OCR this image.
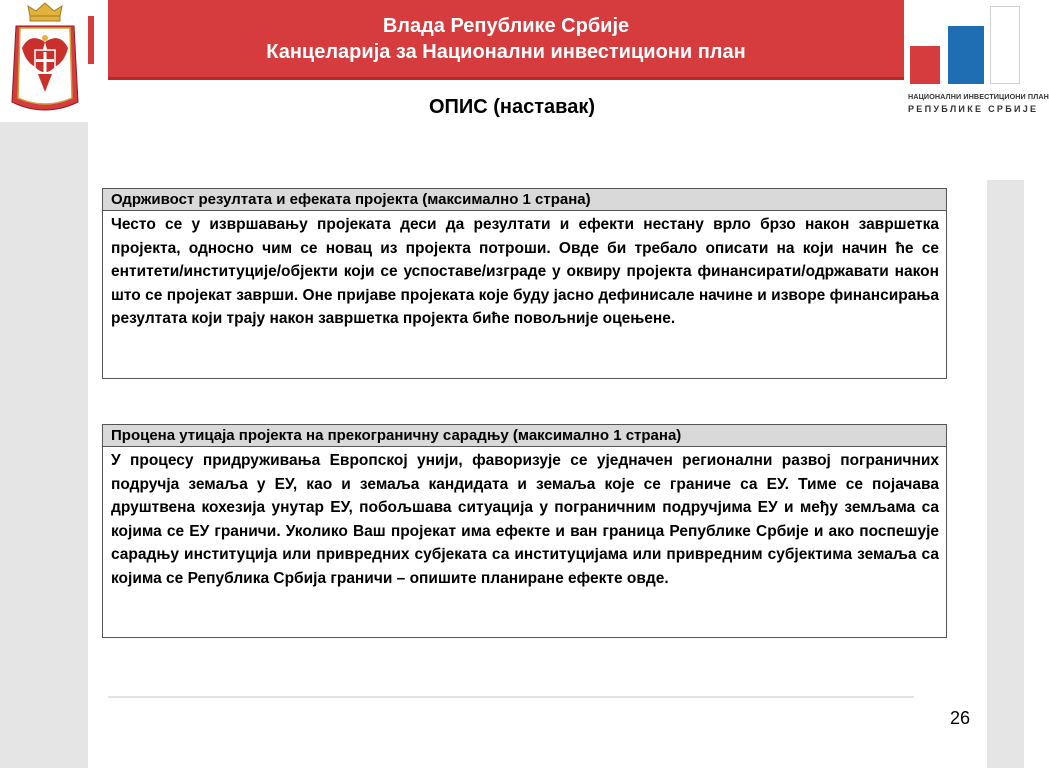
Влада Републике Србије
Канцеларија за Национални инвестициони план
НАЦИОНАЛНИ ИНВЕСТИЦИОНИ ПЛАН
РЕПУБЛИКЕ СРБИЈЕ
ОПИС (наставак)
Одрживост резултата и ефеката пројекта (максимално 1 страна)
Често се у извршавању пројеката деси да резултати и ефекти нестану врло брзо након завршетка пројекта, односно чим се новац из пројекта потроши. Овде би требало описати на који начин ће се ентитети/институције/објекти који се успоставе/изграде у оквиру пројекта финансирати/одржавати након што се пројекат заврши. Оне пријаве пројеката које буду јасно дефинисале начине и изворе финансирања резултата који трају након завршетка пројекта биће повољније оцењене.
Процена утицаја пројекта на прекограничну сарадњу (максимално 1 страна)
У процесу придруживања Европској унији, фаворизује се уједначен регионални развој пограничних подручја земаља у ЕУ, као и земаља кандидата и земаља које се граниче са ЕУ. Тиме се појачава друштвена кохезија унутар ЕУ, побољшава ситуација у пограничним подручјима ЕУ и међу земљама са којима се ЕУ граничи. Уколико Ваш пројекат има ефекте и ван граница Републике Србије и ако поспешује сарадњу институција или привредних субјеката са институцијама или привредним субјектима земаља са којима се Република Србија граничи – опишите планиране ефекте овде.
26
